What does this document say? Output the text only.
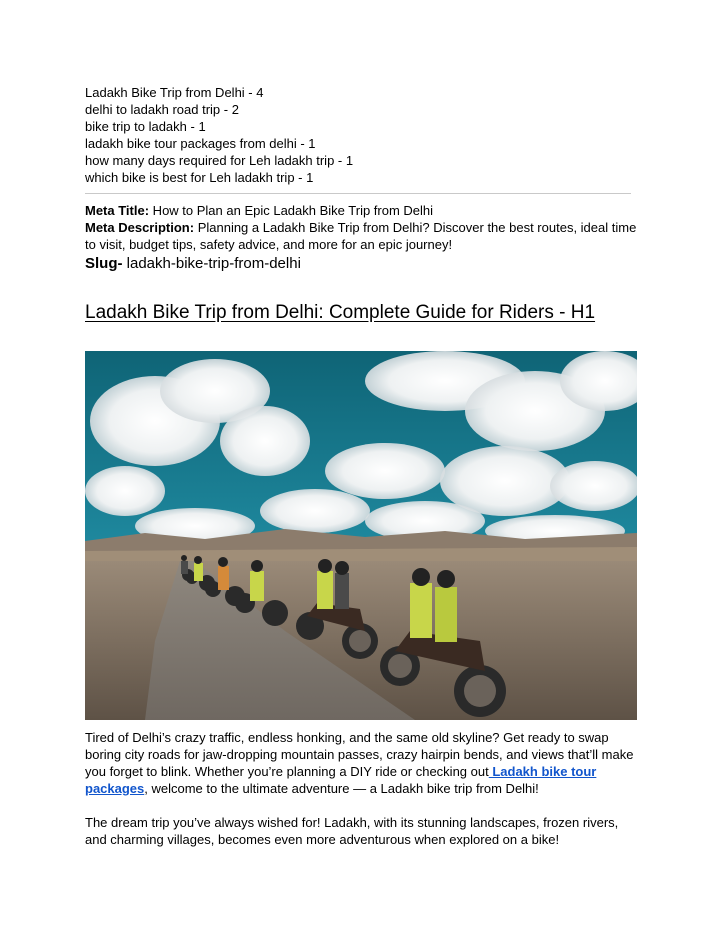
Ladakh Bike Trip from Delhi - 4
delhi to ladakh road trip - 2
bike trip to ladakh - 1
ladakh bike tour packages from delhi - 1
how many days required for Leh ladakh trip - 1
which bike is best for Leh ladakh trip - 1
Meta Title: How to Plan an Epic Ladakh Bike Trip from Delhi
Meta Description: Planning a Ladakh Bike Trip from Delhi? Discover the best routes, ideal time to visit, budget tips, safety advice, and more for an epic journey!
Slug- ladakh-bike-trip-from-delhi
Ladakh Bike Trip from Delhi: Complete Guide for Riders - H1
Tired of Delhi’s crazy traffic, endless honking, and the same old skyline? Get ready to swap boring city roads for jaw-dropping mountain passes, crazy hairpin bends, and views that’ll make you forget to blink. Whether you’re planning a DIY ride or checking out Ladakh bike tour packages, welcome to the ultimate adventure — a Ladakh bike trip from Delhi!
The dream trip you’ve always wished for! Ladakh, with its stunning landscapes, frozen rivers, and charming villages, becomes even more adventurous when explored on a bike!
